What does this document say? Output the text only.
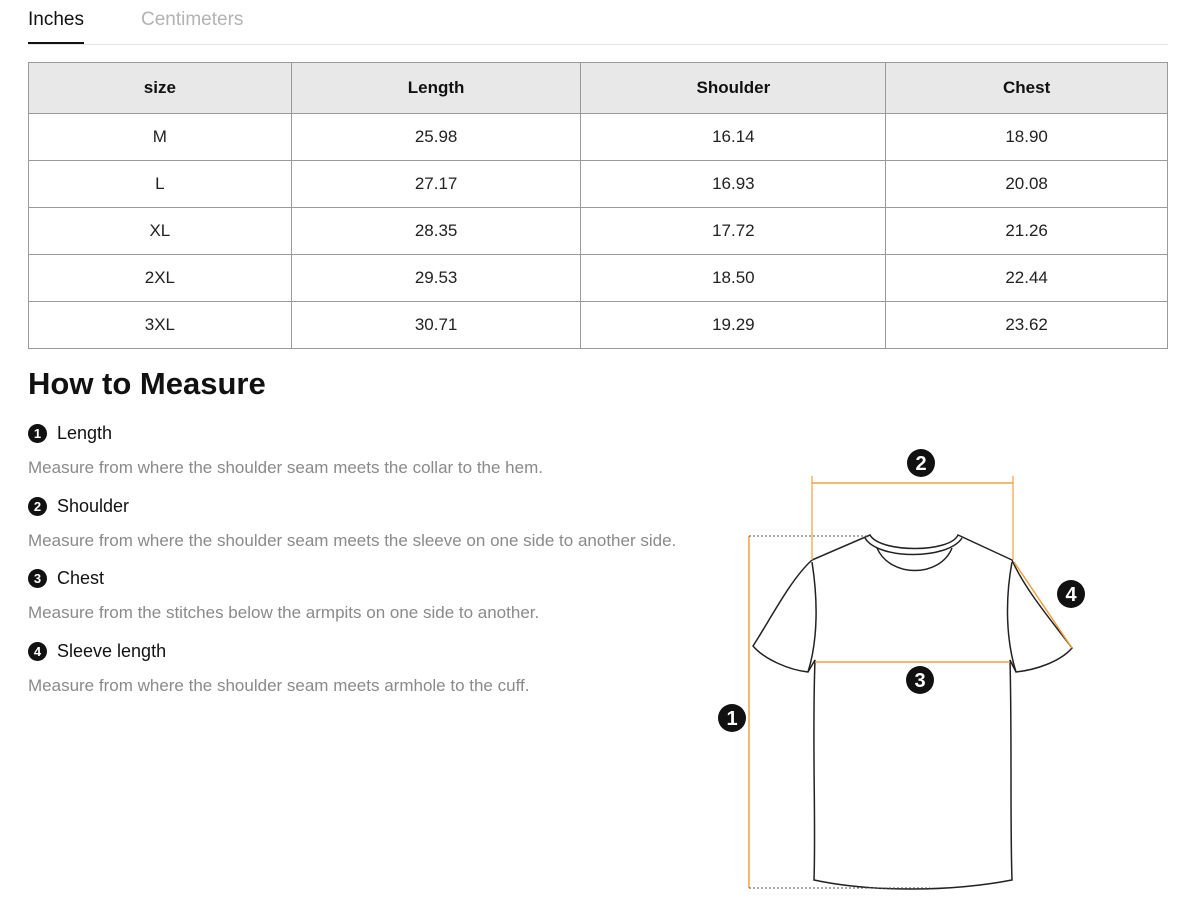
Inches	Centimeters
size	Length	Shoulder	Chest
M	25.98	16.14	18.90
L	27.17	16.93	20.08
XL	28.35	17.72	21.26
2XL	29.53	18.50	22.44
3XL	30.71	19.29	23.62
How to Measure
1 Length
Measure from where the shoulder seam meets the collar to the hem.
2 Shoulder
Measure from where the shoulder seam meets the sleeve on one side to another side.
3 Chest
Measure from the stitches below the armpits on one side to another.
4 Sleeve length
Measure from where the shoulder seam meets armhole to the cuff.
1
2
3
4
